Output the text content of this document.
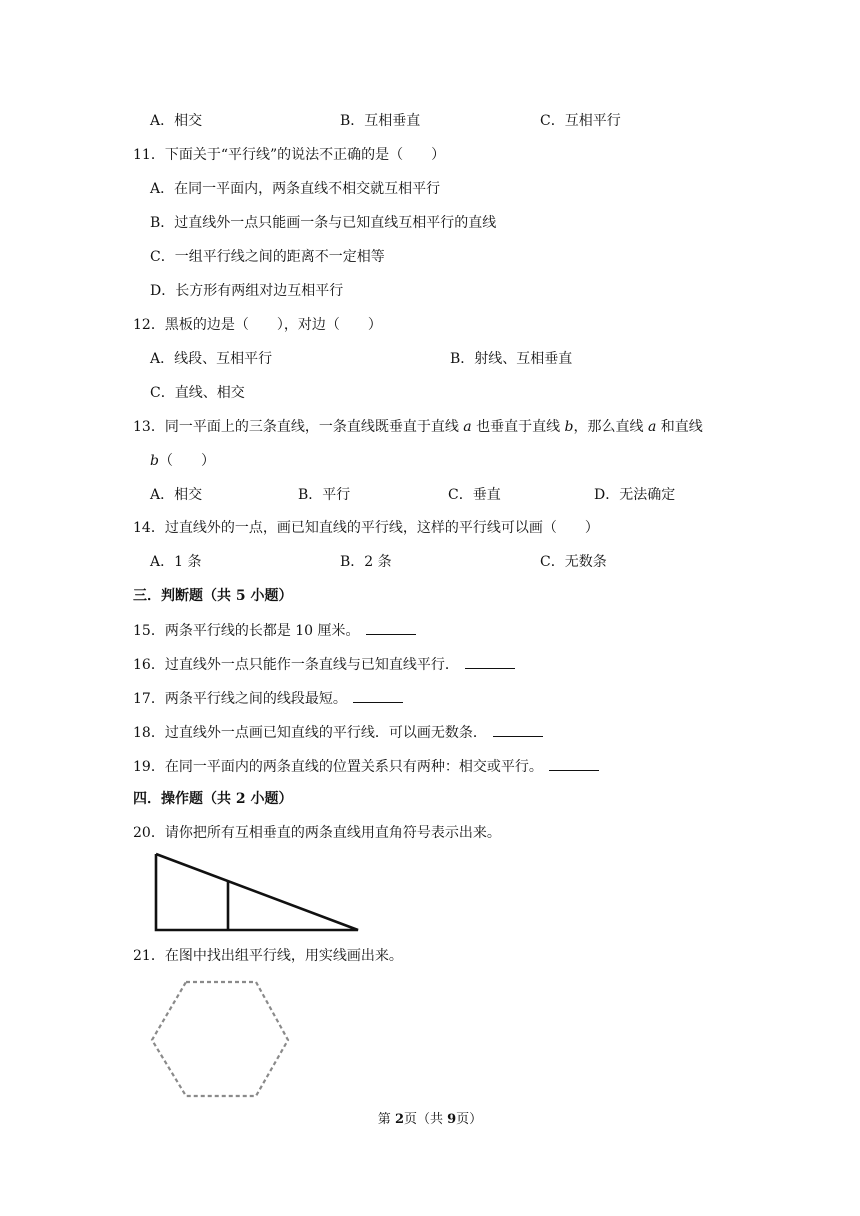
A．相交	B．互相垂直	C．互相平行
11．下面关于“平行线”的说法不正确的是（　　）
A．在同一平面内，两条直线不相交就互相平行
B．过直线外一点只能画一条与已知直线互相平行的直线
C．一组平行线之间的距离不一定相等
D．长方形有两组对边互相平行
12．黑板的边是（　　），对边（　　）
A．线段、互相平行	B．射线、互相垂直
C．直线、相交
13．同一平面上的三条直线，一条直线既垂直于直线 a 也垂直于直线 b，那么直线 a 和直线
b（　　）
A．相交	B．平行	C．垂直	D．无法确定
14．过直线外的一点，画已知直线的平行线，这样的平行线可以画（　　）
A．1 条	B．2 条	C．无数条
三．判断题（共 5 小题）
15．两条平行线的长都是 10 厘米。
16．过直线外一点只能作一条直线与已知直线平行．
17．两条平行线之间的线段最短。
18．过直线外一点画已知直线的平行线．可以画无数条．
19．在同一平面内的两条直线的位置关系只有两种：相交或平行。
四．操作题（共 2 小题）
20．请你把所有互相垂直的两条直线用直角符号表示出来。
21．在图中找出组平行线，用实线画出来。
第 2页（共 9页）
